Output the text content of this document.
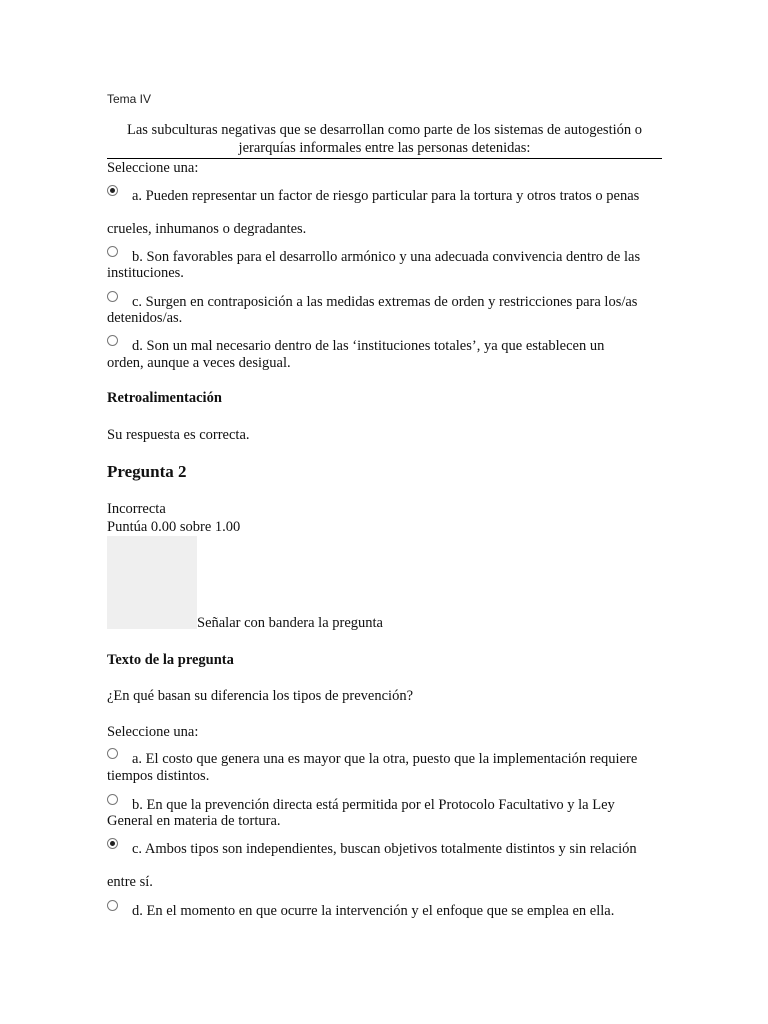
Tema IV
Las subculturas negativas que se desarrollan como parte de los sistemas de autogestión o jerarquías informales entre las personas detenidas:
Seleccione una:
a. Pueden representar un factor de riesgo particular para la tortura y otros tratos o penas
crueles, inhumanos o degradantes.
b. Son favorables para el desarrollo armónico y una adecuada convivencia dentro de las
instituciones.
c. Surgen en contraposición a las medidas extremas de orden y restricciones para los/as
detenidos/as.
d. Son un mal necesario dentro de las ‘instituciones totales’, ya que establecen un
orden, aunque a veces desigual.
Retroalimentación
Su respuesta es correcta.
Pregunta 2
Incorrecta
Puntúa 0.00 sobre 1.00
Señalar con bandera la pregunta
Texto de la pregunta
¿En qué basan su diferencia los tipos de prevención?
Seleccione una:
a. El costo que genera una es mayor que la otra, puesto que la implementación requiere
tiempos distintos.
b. En que la prevención directa está permitida por el Protocolo Facultativo y la Ley
General en materia de tortura.
c. Ambos tipos son independientes, buscan objetivos totalmente distintos y sin relación
entre sí.
d. En el momento en que ocurre la intervención y el enfoque que se emplea en ella.
